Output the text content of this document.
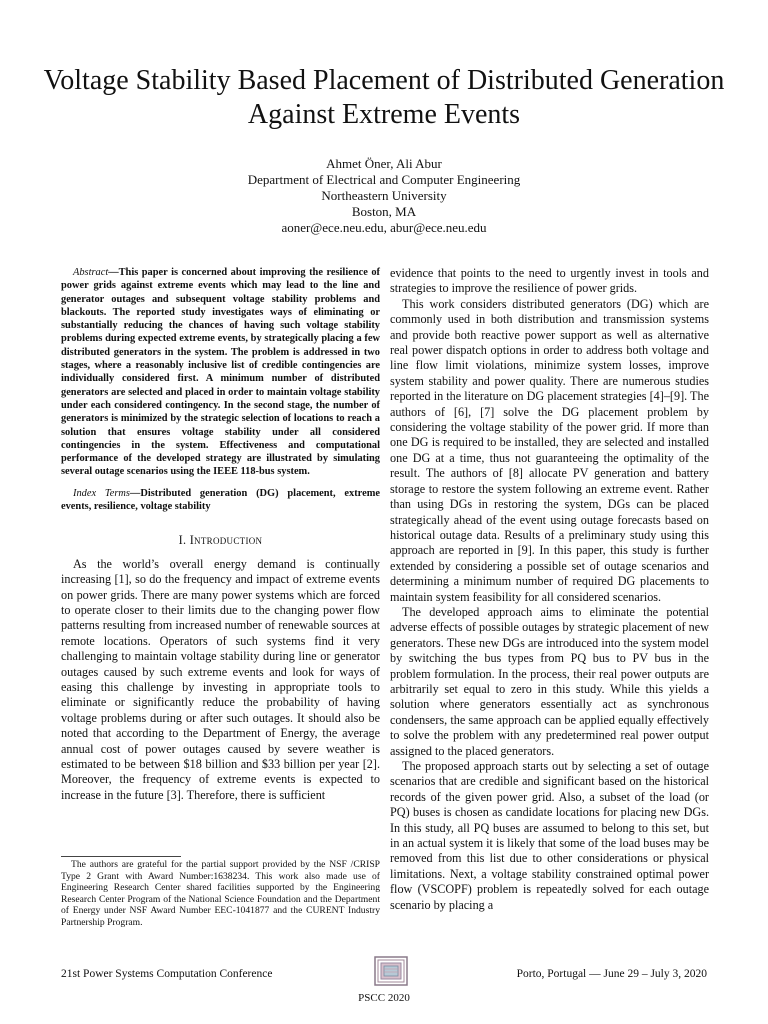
Voltage Stability Based Placement of Distributed Generation Against Extreme Events
Ahmet Öner, Ali Abur
Department of Electrical and Computer Engineering
Northeastern University
Boston, MA
aoner@ece.neu.edu, abur@ece.neu.edu

Abstract—This paper is concerned about improving the resilience of power grids against extreme events which may lead to the line and generator outages and subsequent voltage stability problems and blackouts. The reported study investigates ways of eliminating or substantially reducing the chances of having such voltage stability problems during expected extreme events, by strategically placing a few distributed generators in the system. The problem is addressed in two stages, where a reasonably inclusive list of credible contingencies are individually considered first. A minimum number of distributed generators are selected and placed in order to maintain voltage stability under each considered contingency. In the second stage, the number of generators is minimized by the strategic selection of locations to reach a solution that ensures voltage stability under all considered contingencies in the system. Effectiveness and computational performance of the developed strategy are illustrated by simulating several outage scenarios using the IEEE 118-bus system.

Index Terms—Distributed generation (DG) placement, extreme events, resilience, voltage stability

I. Introduction

As the world’s overall energy demand is continually increasing [1], so do the frequency and impact of extreme events on power grids. There are many power systems which are forced to operate closer to their limits due to the changing power flow patterns resulting from increased number of renewable sources at remote locations. Operators of such systems find it very challenging to maintain voltage stability during line or generator outages caused by such extreme events and look for ways of easing this challenge by investing in appropriate tools to eliminate or significantly reduce the probability of having voltage problems during or after such outages. It should also be noted that according to the Department of Energy, the average annual cost of power outages caused by severe weather is estimated to be between $18 billion and $33 billion per year [2]. Moreover, the frequency of extreme events is expected to increase in the future [3]. Therefore, there is sufficient

The authors are grateful for the partial support provided by the NSF /CRISP Type 2 Grant with Award Number:1638234. This work also made use of Engineering Research Center shared facilities supported by the Engineering Research Center Program of the National Science Foundation and the Department of Energy under NSF Award Number EEC-1041877 and the CURENT Industry Partnership Program.

evidence that points to the need to urgently invest in tools and strategies to improve the resilience of power grids.

This work considers distributed generators (DG) which are commonly used in both distribution and transmission systems and provide both reactive power support as well as alternative real power dispatch options in order to address both voltage and line flow limit violations, minimize system losses, improve system stability and power quality. There are numerous studies reported in the literature on DG placement strategies [4]–[9]. The authors of [6], [7] solve the DG placement problem by considering the voltage stability of the power grid. If more than one DG is required to be installed, they are selected and installed one DG at a time, thus not guaranteeing the optimality of the result. The authors of [8] allocate PV generation and battery storage to restore the system following an extreme event. Rather than using DGs in restoring the system, DGs can be placed strategically ahead of the event using outage forecasts based on historical outage data. Results of a preliminary study using this approach are reported in [9]. In this paper, this study is further extended by considering a possible set of outage scenarios and determining a minimum number of required DG placements to maintain system feasibility for all considered scenarios.

The developed approach aims to eliminate the potential adverse effects of possible outages by strategic placement of new generators. These new DGs are introduced into the system model by switching the bus types from PQ bus to PV bus in the problem formulation. In the process, their real power outputs are arbitrarily set equal to zero in this study. While this yields a solution where generators essentially act as synchronous condensers, the same approach can be applied equally effectively to solve the problem with any predetermined real power output assigned to the placed generators.

The proposed approach starts out by selecting a set of outage scenarios that are credible and significant based on the historical records of the given power grid. Also, a subset of the load (or PQ) buses is chosen as candidate locations for placing new DGs. In this study, all PQ buses are assumed to belong to this set, but in an actual system it is likely that some of the load buses may be removed from this list due to other considerations or physical limitations. Next, a voltage stability constrained optimal power flow (VSCOPF) problem is repeatedly solved for each outage scenario by placing a

21st Power Systems Computation Conference
PSCC 2020
Porto, Portugal — June 29 – July 3, 2020
